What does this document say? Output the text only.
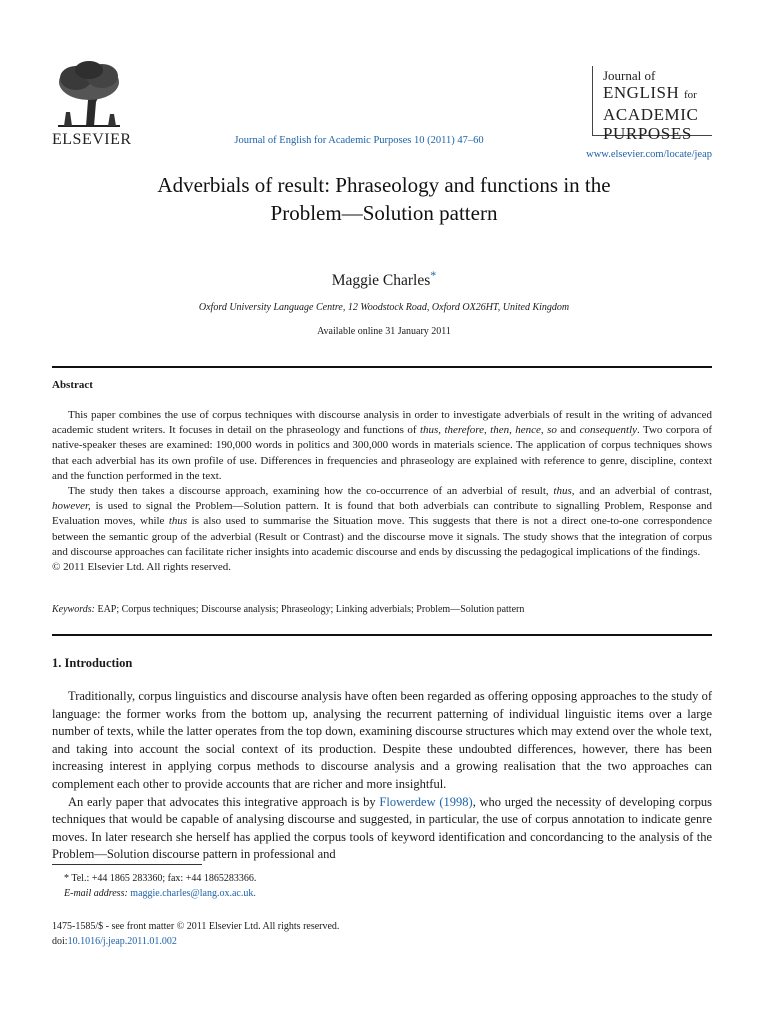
ELSEVIER	Journal of English for Academic Purposes 10 (2011) 47–60
Journal of
ENGLISH for
ACADEMIC
PURPOSES
www.elsevier.com/locate/jeap
Adverbials of result: Phraseology and functions in the
Problem—Solution pattern
Maggie Charles*
Oxford University Language Centre, 12 Woodstock Road, Oxford OX26HT, United Kingdom
Available online 31 January 2011
Abstract

This paper combines the use of corpus techniques with discourse analysis in order to investigate adverbials of result in the writing of advanced academic student writers. It focuses in detail on the phraseology and functions of thus, therefore, then, hence, so and consequently. Two corpora of native-speaker theses are examined: 190,000 words in politics and 300,000 words in materials science. The application of corpus techniques shows that each adverbial has its own profile of use. Differences in frequencies and phraseology are explained with reference to genre, discipline, context and the function performed in the text.

The study then takes a discourse approach, examining how the co-occurrence of an adverbial of result, thus, and an adverbial of contrast, however, is used to signal the Problem—Solution pattern. It is found that both adverbials can contribute to signalling Problem, Response and Evaluation moves, while thus is also used to summarise the Situation move. This suggests that there is not a direct one-to-one correspondence between the semantic group of the adverbial (Result or Contrast) and the discourse move it signals. The study shows that the integration of corpus and discourse approaches can facilitate richer insights into academic discourse and ends by discussing the pedagogical implications of the findings.

© 2011 Elsevier Ltd. All rights reserved.

Keywords: EAP; Corpus techniques; Discourse analysis; Phraseology; Linking adverbials; Problem—Solution pattern
1. Introduction

Traditionally, corpus linguistics and discourse analysis have often been regarded as offering opposing approaches to the study of language: the former works from the bottom up, analysing the recurrent patterning of individual linguistic items over a large number of texts, while the latter operates from the top down, examining discourse structures which may extend over the whole text, and taking into account the social context of its production. Despite these undoubted differences, however, there has been increasing interest in applying corpus methods to discourse analysis and a growing realisation that the two approaches can complement each other to provide accounts that are richer and more insightful.

An early paper that advocates this integrative approach is by Flowerdew (1998), who urged the necessity of developing corpus techniques that would be capable of analysing discourse and suggested, in particular, the use of corpus annotation to indicate genre moves. In later research she herself has applied the corpus tools of keyword identification and concordancing to the analysis of the Problem—Solution discourse pattern in professional and

* Tel.: +44 1865 283360; fax: +44 1865283366.
E-mail address: maggie.charles@lang.ox.ac.uk.
1475-1585/$ - see front matter © 2011 Elsevier Ltd. All rights reserved.
doi:10.1016/j.jeap.2011.01.002
